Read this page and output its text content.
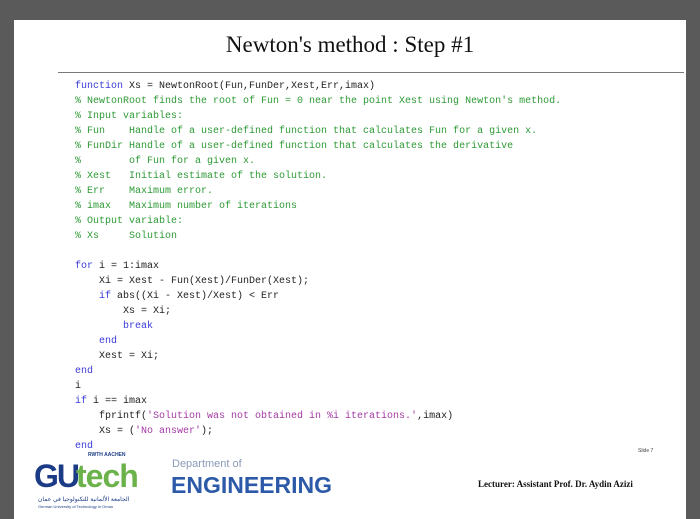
Newton's method : Step #1
function Xs = NewtonRoot(Fun,FunDer,Xest,Err,imax)
% NewtonRoot finds the root of Fun = 0 near the point Xest using Newton's method.
% Input variables:
% Fun    Handle of a user-defined function that calculates Fun for a given x.
% FunDir Handle of a user-defined function that calculates the derivative
%        of Fun for a given x.
% Xest   Initial estimate of the solution.
% Err    Maximum error.
% imax   Maximum number of iterations
% Output variable:
% Xs     Solution

for i = 1:imax
Xi = Xest - Fun(Xest)/FunDer(Xest);
if abs((Xi - Xest)/Xest) < Err
Xs = Xi;
break
end
Xest = Xi;
end
i
if i == imax
fprintf('Solution was not obtained in %i iterations.',imax)
Xs = ('No answer');
end

RWTH AACHEN
GU
tech
الجامعة الألمانية للتكنولوجيا في عمان
German University of Technology in Oman
Department of
ENGINEERING
Slide 7
Lecturer: Assistant Prof. Dr. Aydin Azizi
